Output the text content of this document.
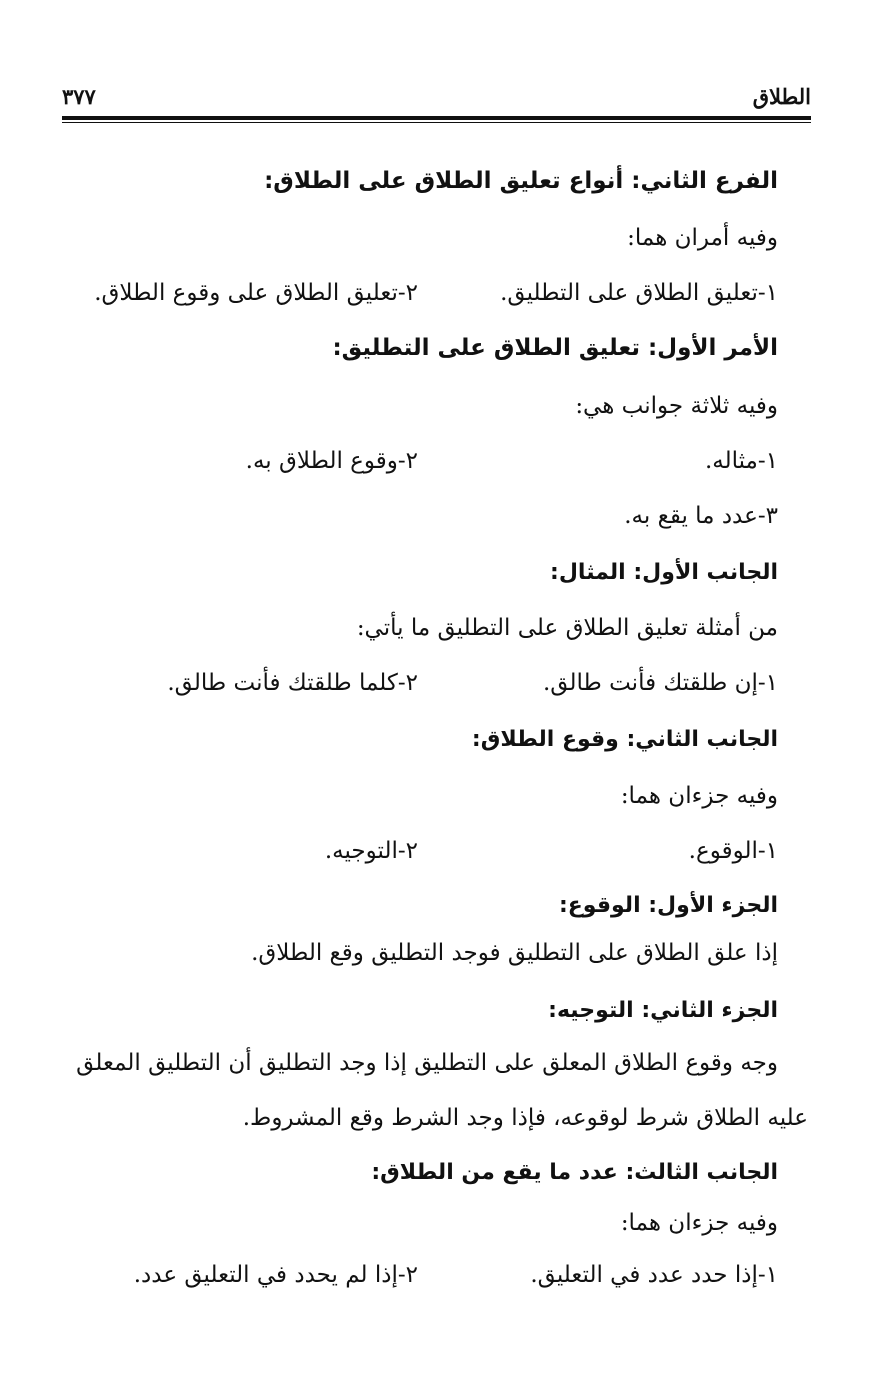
الطلاق
٣٧٧
الفرع الثاني: أنواع تعليق الطلاق على الطلاق:
وفيه أمران هما:
١-تعليق الطلاق على التطليق.
٢-تعليق الطلاق على وقوع الطلاق.
الأمر الأول: تعليق الطلاق على التطليق:
وفيه ثلاثة جوانب هي:
١-مثاله.
٢-وقوع الطلاق به.
٣-عدد ما يقع به.
الجانب الأول: المثال:
من أمثلة تعليق الطلاق على التطليق ما يأتي:
١-إن طلقتك فأنت طالق.
٢-كلما طلقتك فأنت طالق.
الجانب الثاني: وقوع الطلاق:
وفيه جزءان هما:
١-الوقوع.
٢-التوجيه.
الجزء الأول: الوقوع:
إذا علق الطلاق على التطليق فوجد التطليق وقع الطلاق.
الجزء الثاني: التوجيه:
وجه وقوع الطلاق المعلق على التطليق إذا وجد التطليق أن التطليق المعلق
عليه الطلاق شرط لوقوعه، فإذا وجد الشرط وقع المشروط.
الجانب الثالث: عدد ما يقع من الطلاق:
وفيه جزءان هما:
١-إذا حدد عدد في التعليق.
٢-إذا لم يحدد في التعليق عدد.
